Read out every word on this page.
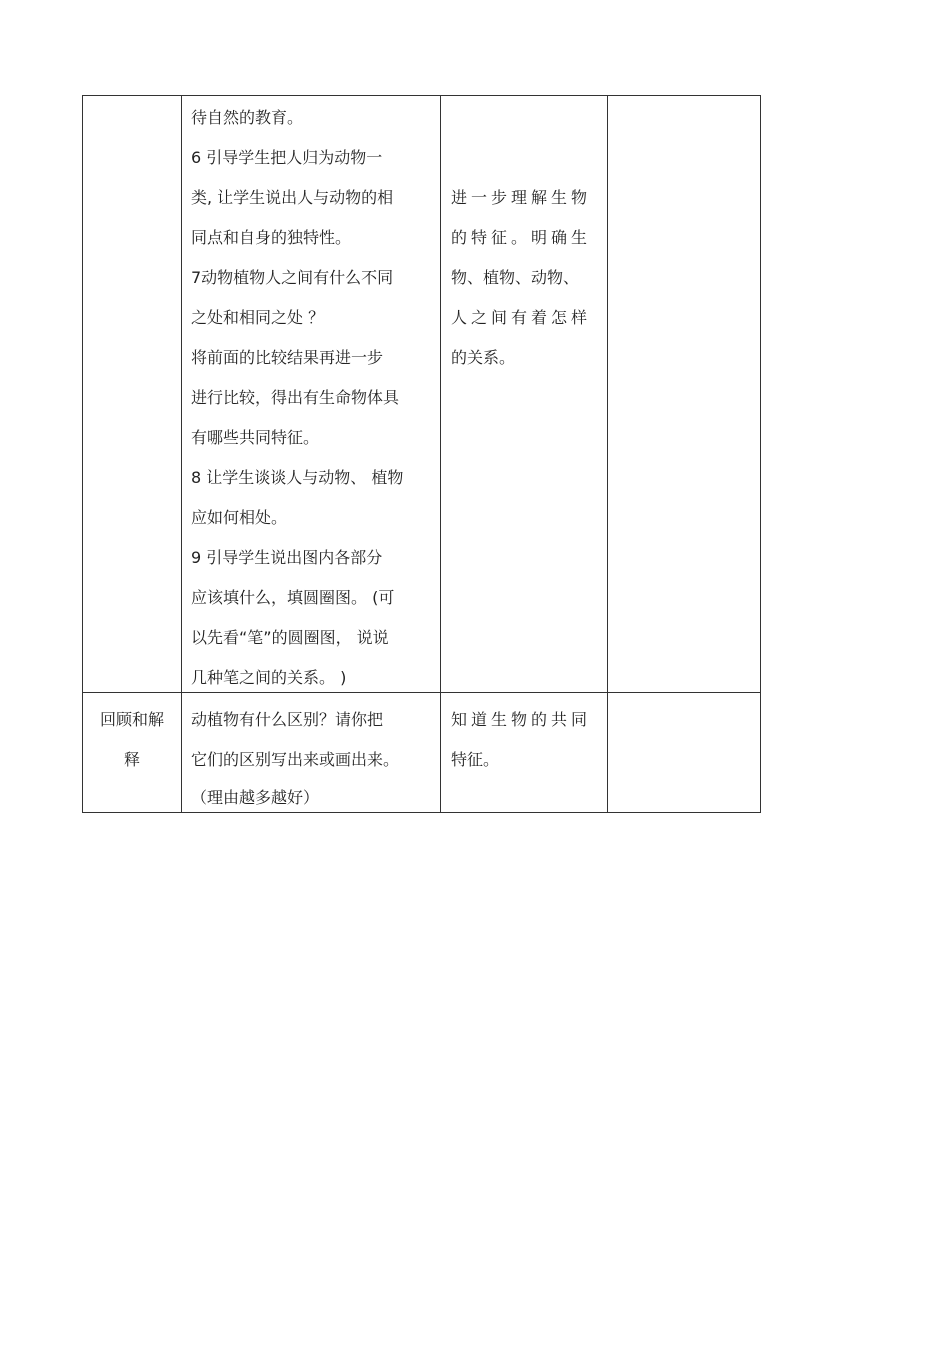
待自然的教育。
6 引导学生把人归为动物一
类, 让学生说出人与动物的相
同点和自身的独特性。
7动物植物人之间有什么不同
之处和相同之处 ？
将前面的比较结果再进一步
进行比较，得出有生命物体具
有哪些共同特征。
8 让学生谈谈人与动物、 植物
应如何相处。
9 引导学生说出图内各部分
应该填什么，填圆圈图。 (可
以先看“笔”的圆圈图， 说说
几种笔之间的关系。 )
进一步理解生物
的特征。明确生
物、植物、动物、
人之间有着怎样
的关系。
回顾和解
释
动植物有什么区别？请你把
它们的区别写出来或画出来。
（理由越多越好）
知道生物的共同
特征。
